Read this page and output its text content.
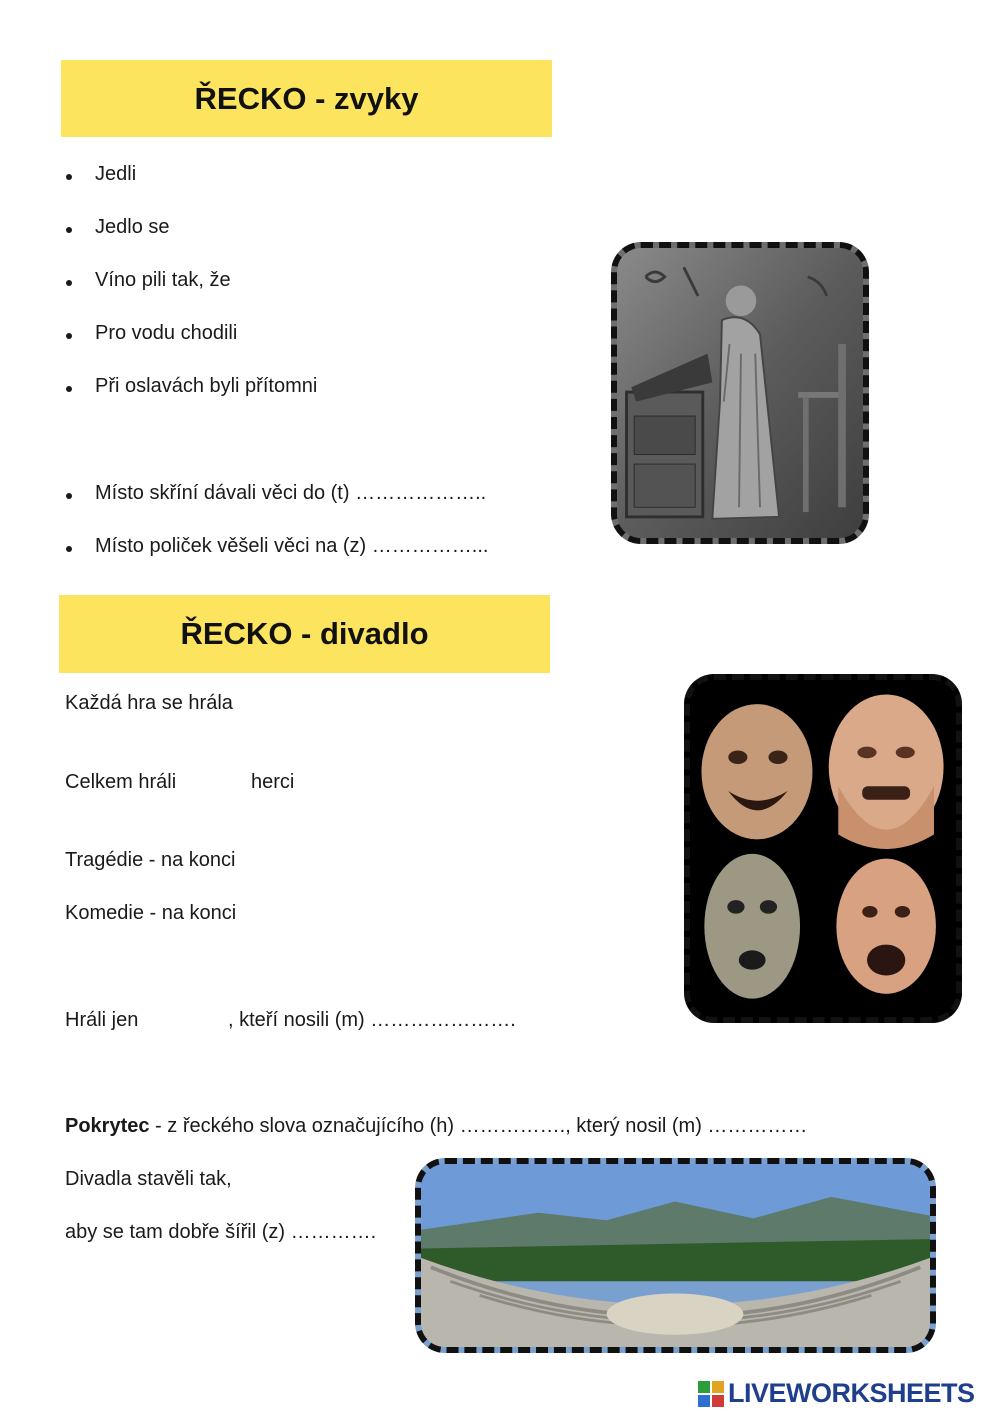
ŘECKO - zvyky
Jedli
Jedlo se
Víno pili tak, že
Pro vodu chodili
Při oslavách byli přítomni
Místo skříní dávali věci do (t) ………………..
Místo poliček věšeli věci na (z) ……………...
ŘECKO - divadlo
Každá hra se hrála
Celkem hráli	herci
Tragédie - na konci
Komedie - na konci
Hráli jen	, kteří nosili (m) ………………….
Pokrytec - z řeckého slova označujícího (h) ……………., který nosil (m) ……………
Divadla stavěli tak,
aby se tam dobře šířil (z) ………….
LIVEWORKSHEETS
